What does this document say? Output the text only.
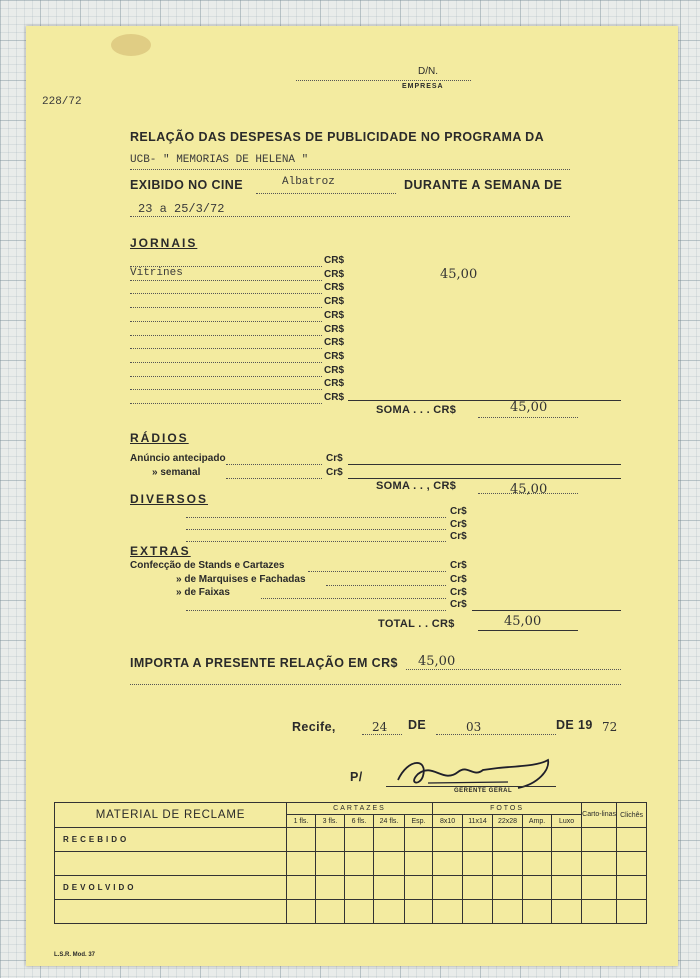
D/N.
EMPRESA
228/72
RELAÇÃO DAS DESPESAS DE PUBLICIDADE NO PROGRAMA DA
UCB- " MEMORIAS DE HELENA "
EXIBIDO NO CINE	Albatroz	DURANTE A SEMANA DE
23 a 25/3/72
JORNAIS
CR$
Vitrines	CR$	45,00
CR$
CR$
CR$
CR$
CR$
CR$
CR$
CR$
CR$
SOMA . . . CR$	45,00
RÁDIOS
Anúncio antecipado	Cr$
» semanal	Cr$
SOMA . . , CR$	45,00
DIVERSOS
Cr$
Cr$
Cr$
EXTRAS
Confecção de Stands e Cartazes	Cr$
» de Marquises e Fachadas	Cr$
» de Faixas	Cr$
Cr$
TOTAL . . CR$	45,00
IMPORTA A PRESENTE RELAÇÃO EM CR$ 45,00
Recife,	24 DE	03	DE 19 72
P/
GERENTE GERAL
MATERIAL DE RECLAME	CARTAZES					FOTOS					Carto-linas	Clichês
	1 fls.	3 fls.	6 fls.	24 fls.	Esp.	8x10	11x14	22x28	Amp.	Luxo		
RECEBIDO												

DEVOLVIDO												

L.S.R. Mod. 37
